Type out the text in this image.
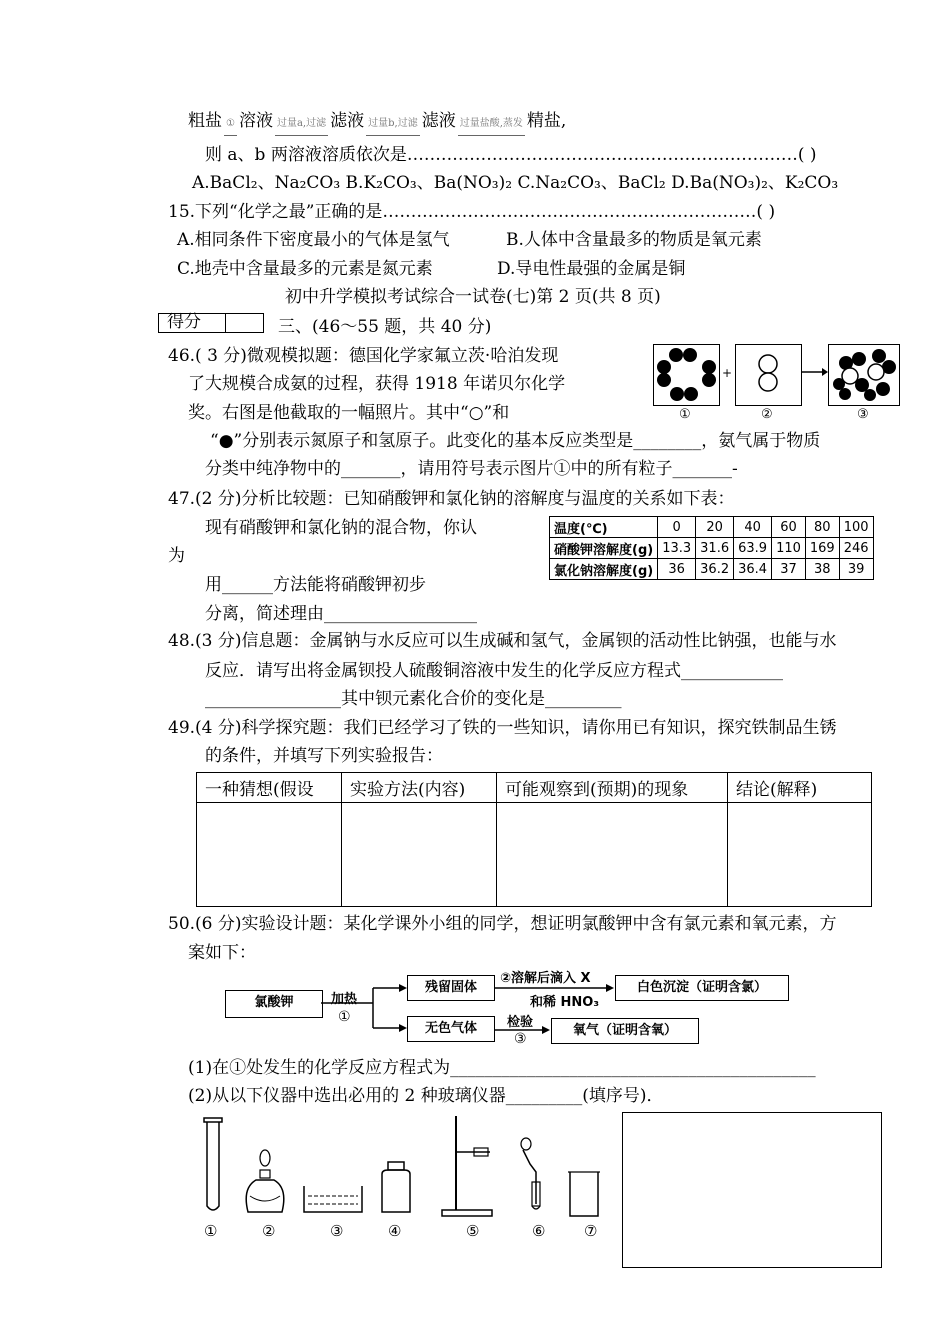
粗盐 ① 溶液 过量a,过滤 滤液 过量b,过滤 滤液 过量盐酸,蒸发 精盐,
则 a、b 两溶液溶质依次是……………………………………………………………( )
A.BaCl₂、Na₂CO₃ B.K₂CO₃、Ba(NO₃)₂ C.Na₂CO₃、BaCl₂ D.Ba(NO₃)₂、K₂CO₃
15.下列“化学之最”正确的是…………………………………………………………( )
A.相同条件下密度最小的气体是氢气	B.人体中含量最多的物质是氧元素
C.地壳中含量最多的元素是氮元素	D.导电性最强的金属是铜
初中升学模拟考试综合一试卷(七)第 2 页(共 8 页)
得分	三、(46～55 题，共 40 分)
46.( 3 分)微观模拟题：德国化学家氟立茨·哈泊发现
了大规模合成氨的过程，获得 1918 年诺贝尔化学
奖。右图是他截取的一幅照片。其中“○”和
“●”分别表示氮原子和氢原子。此变化的基本反应类型是________，氨气属于物质
分类中纯净物中的_______，请用符号表示图片①中的所有粒子_______-
+
①	②	③
47.(2 分)分析比较题：已知硝酸钾和氯化钠的溶解度与温度的关系如下表：
现有硝酸钾和氯化钠的混合物，你认
为
用______方法能将硝酸钾初步
分离，简述理由__________________
温度(℃)	0	20	40	60	80	100
硝酸钾溶解度(g)	13.3	31.6	63.9	110	169	246
氯化钠溶解度(g)	36	36.2	36.4	37	38	39
48.(3 分)信息题：金属钠与水反应可以生成碱和氢气，金属钡的活动性比钠强，也能与水
反应．请写出将金属钡投人硫酸铜溶液中发生的化学反应方程式____________
________________其中钡元素化合价的变化是_________
49.(4 分)科学探究题：我们已经学习了铁的一些知识，请你用已有知识，探究铁制品生锈
的条件，并填写下列实验报告：
一种猜想(假设	实验方法(内容)	可能观察到(预期)的现象	结论(解释)

50.(6 分)实验设计题：某化学课外小组的同学，想证明氯酸钾中含有氯元素和氧元素，方
案如下：
氯酸钾	加热
①
残留固体
②溶解后滴入 X
和稀 HNO₃
白色沉淀（证明含氯）
无色气体	检验
③
氧气（证明含氧）
(1)在①处发生的化学反应方程式为___________________________________________
(2)从以下仪器中选出必用的 2 种玻璃仪器_________(填序号)．
①	②	③	④	⑤	⑥	⑦
